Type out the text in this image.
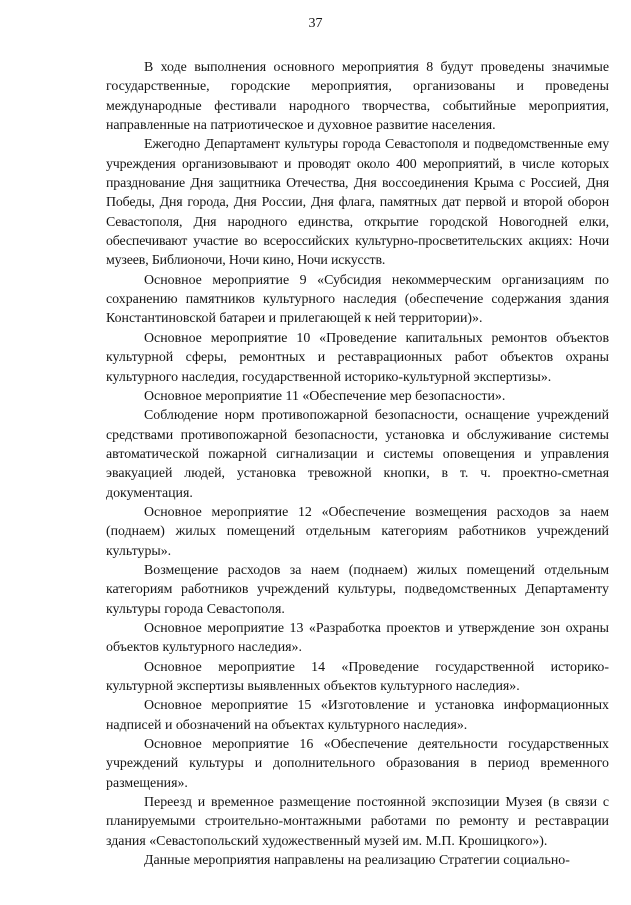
37

В ходе выполнения основного мероприятия 8 будут проведены значимые государственные, городские мероприятия, организованы и проведены международные фестивали народного творчества, событийные мероприятия, направленные на патриотическое и духовное развитие населения.

Ежегодно Департамент культуры города Севастополя и подведомственные ему учреждения организовывают и проводят около 400 мероприятий, в числе которых празднование Дня защитника Отечества, Дня воссоединения Крыма с Россией, Дня Победы, Дня города, Дня России, Дня флага, памятных дат первой и второй оборон Севастополя, Дня народного единства, открытие городской Новогодней елки, обеспечивают участие во всероссийских культурно-просветительских акциях: Ночи музеев, Библионочи, Ночи кино, Ночи искусств.

Основное мероприятие 9 «Субсидия некоммерческим организациям по сохранению памятников культурного наследия (обеспечение содержания здания Константиновской батареи и прилегающей к ней территории)».

Основное мероприятие 10 «Проведение капитальных ремонтов объектов культурной сферы, ремонтных и реставрационных работ объектов охраны культурного наследия, государственной историко-культурной экспертизы».

Основное мероприятие 11 «Обеспечение мер безопасности».

Соблюдение норм противопожарной безопасности, оснащение учреждений средствами противопожарной безопасности, установка и обслуживание системы автоматической пожарной сигнализации и системы оповещения и управления эвакуацией людей, установка тревожной кнопки, в т. ч. проектно-сметная документация.

Основное мероприятие 12 «Обеспечение возмещения расходов за наем (поднаем) жилых помещений отдельным категориям работников учреждений культуры».

Возмещение расходов за наем (поднаем) жилых помещений отдельным категориям работников учреждений культуры, подведомственных Департаменту культуры города Севастополя.

Основное мероприятие 13 «Разработка проектов и утверждение зон охраны объектов культурного наследия».

Основное мероприятие 14 «Проведение государственной историко-культурной экспертизы выявленных объектов культурного наследия».

Основное мероприятие 15 «Изготовление и установка информационных надписей и обозначений на объектах культурного наследия».

Основное мероприятие 16 «Обеспечение деятельности государственных учреждений культуры и дополнительного образования в период временного размещения».

Переезд и временное размещение постоянной экспозиции Музея (в связи с планируемыми строительно-монтажными работами по ремонту и реставрации здания «Севастопольский художественный музей им. М.П. Крошицкого»).

Данные мероприятия направлены на реализацию Стратегии социально-
